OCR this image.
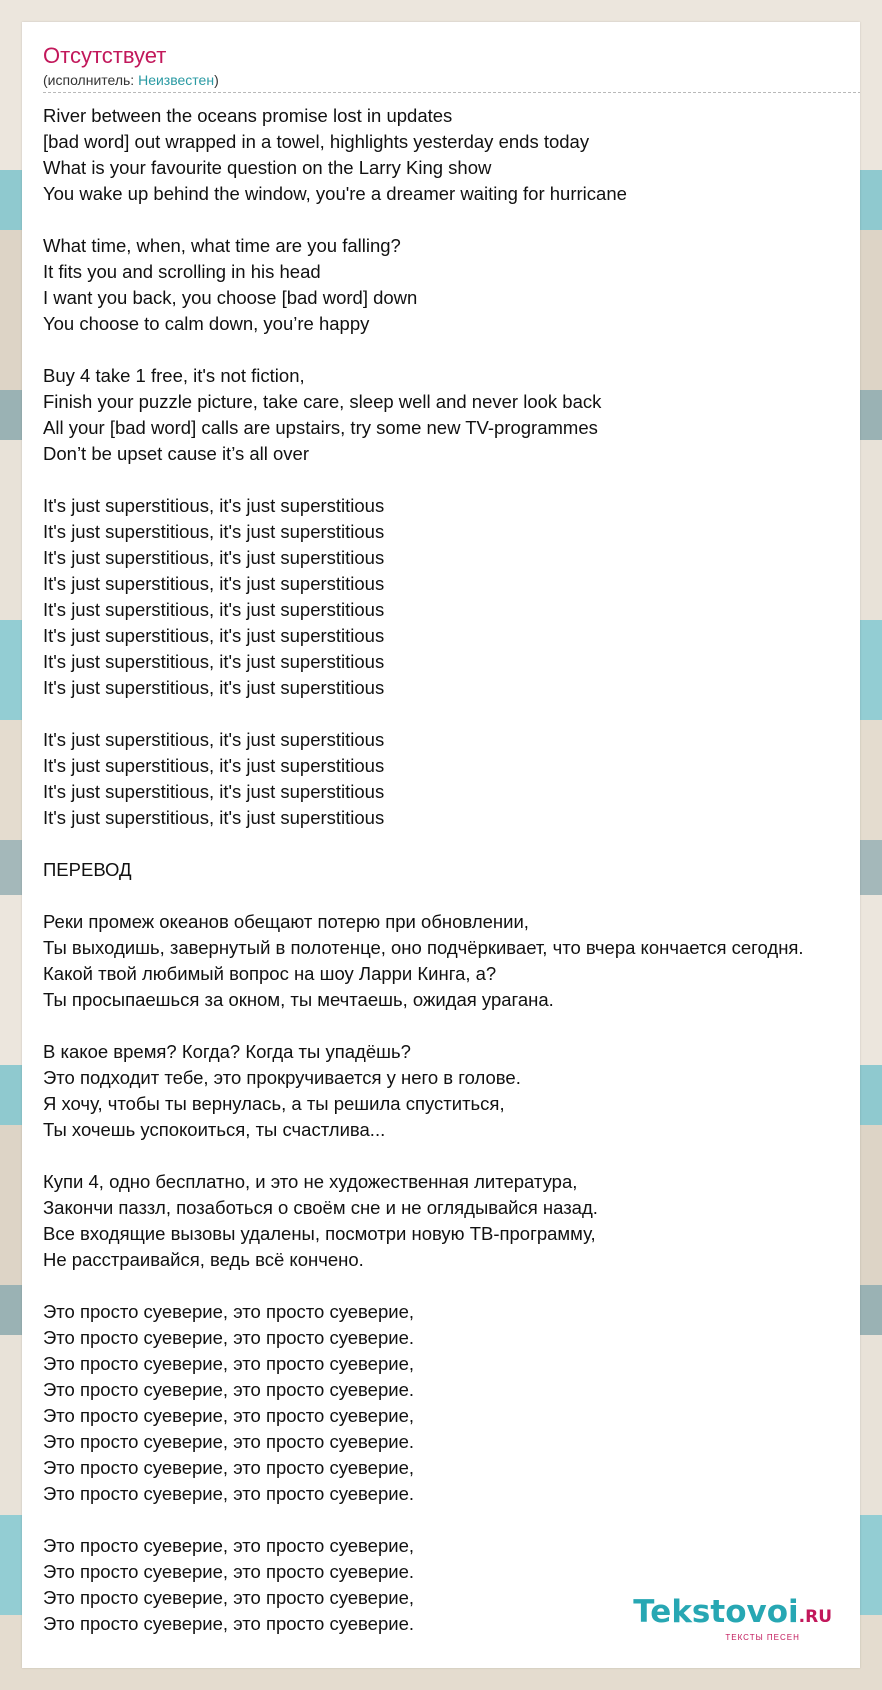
Отсутствует
(исполнитель: Неизвестен)
River between the oceans promise lost in updates
[bad word] out wrapped in a towel, highlights yesterday ends today
What is your favourite question on the Larry King show
You wake up behind the window, you're a dreamer waiting for hurricane
What time, when, what time are you falling?
It fits you and scrolling in his head
I want you back, you choose [bad word] down
You choose to calm down, you’re happy
Buy 4 take 1 free, it's not fiction,
Finish your puzzle picture, take care, sleep well and never look back
All your [bad word] calls are upstairs, try some new TV-programmes
Don’t be upset cause it’s all over
It's just superstitious, it's just superstitious
It's just superstitious, it's just superstitious
It's just superstitious, it's just superstitious
It's just superstitious, it's just superstitious
It's just superstitious, it's just superstitious
It's just superstitious, it's just superstitious
It's just superstitious, it's just superstitious
It's just superstitious, it's just superstitious
It's just superstitious, it's just superstitious
It's just superstitious, it's just superstitious
It's just superstitious, it's just superstitious
It's just superstitious, it's just superstitious
ПЕРЕВОД
Реки промеж океанов обещают потерю при обновлении,
Ты выходишь, завернутый в полотенце, оно подчёркивает, что вчера кончается сегодня.
Какой твой любимый вопрос на шоу Ларри Кинга, а?
Ты просыпаешься за окном, ты мечтаешь, ожидая урагана.
В какое время? Когда? Когда ты упадёшь?
Это подходит тебе, это прокручивается у него в голове.
Я хочу, чтобы ты вернулась, а ты решила спуститься,
Ты хочешь успокоиться, ты счастлива...
Купи 4, одно бесплатно, и это не художественная литература,
Закончи паззл, позаботься о своём сне и не оглядывайся назад.
Все входящие вызовы удалены, посмотри новую ТВ-программу,
Не расстраивайся, ведь всё кончено.
Это просто суеверие, это просто суеверие,
Это просто суеверие, это просто суеверие.
Это просто суеверие, это просто суеверие,
Это просто суеверие, это просто суеверие.
Это просто суеверие, это просто суеверие,
Это просто суеверие, это просто суеверие.
Это просто суеверие, это просто суеверие,
Это просто суеверие, это просто суеверие.
Это просто суеверие, это просто суеверие,
Это просто суеверие, это просто суеверие.
Это просто суеверие, это просто суеверие,
Это просто суеверие, это просто суеверие.	Tekstovoi.RU
ТЕКСТЫ ПЕСЕН
